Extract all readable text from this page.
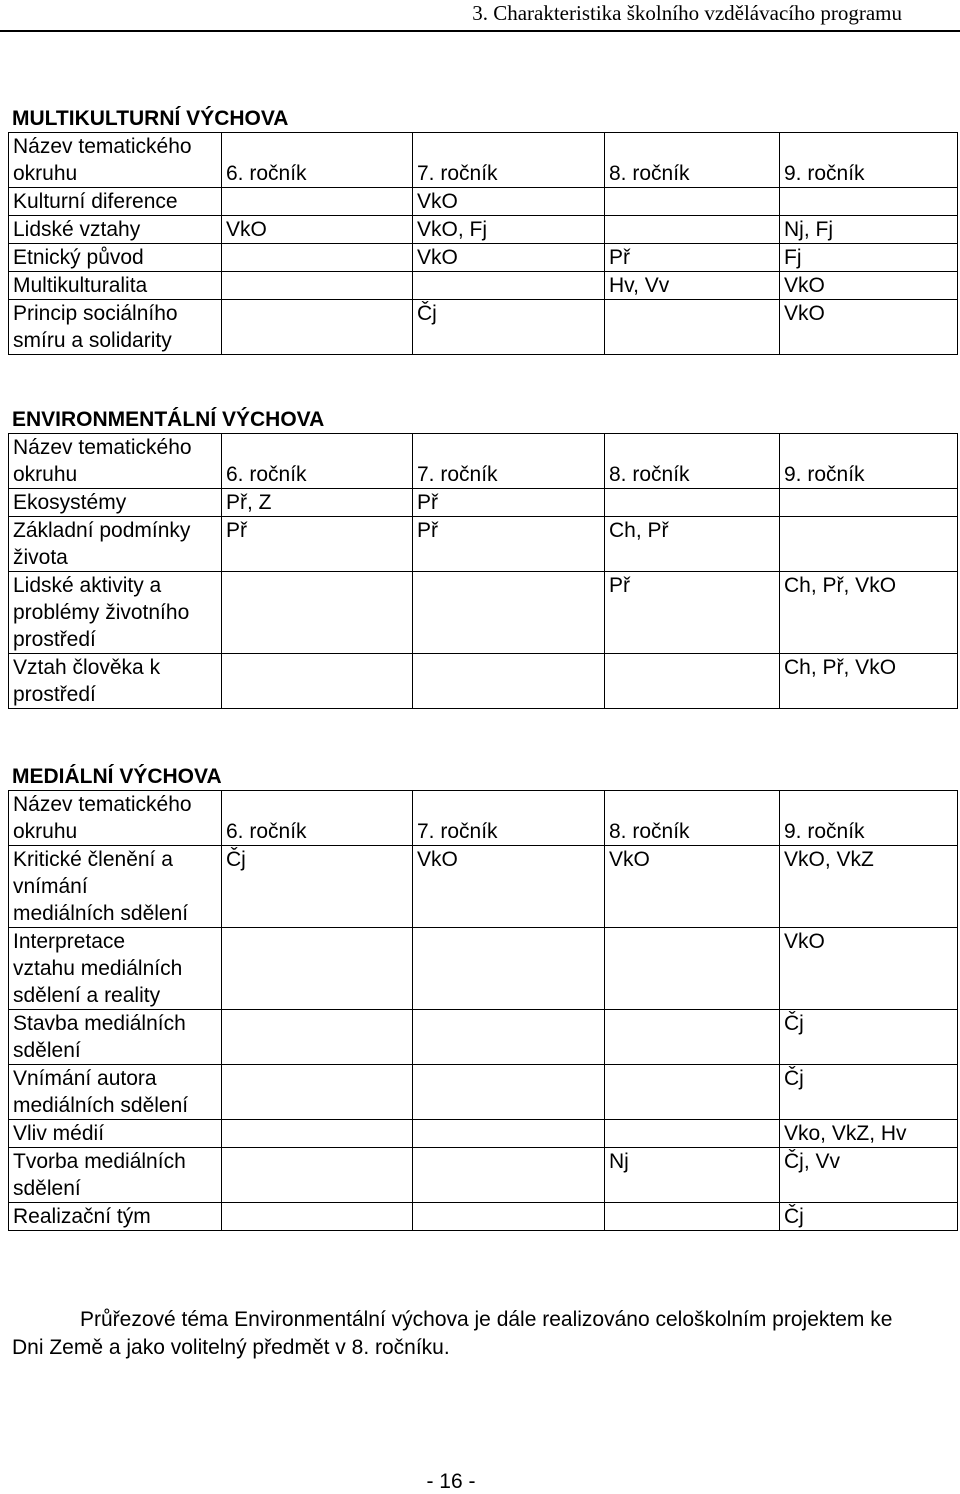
3. Charakteristika školního vzdělávacího programu
MULTIKULTURNÍ VÝCHOVA
Název tematického
okruhu	6. ročník	7. ročník	8. ročník	9. ročník
Kulturní diference		VkO		
Lidské vztahy	VkO	VkO, Fj		Nj, Fj
Etnický původ		VkO	Př	Fj
Multikulturalita			Hv, Vv	VkO
Princip sociálního
smíru a solidarity		Čj		VkO
ENVIRONMENTÁLNÍ VÝCHOVA
Název tematického
okruhu	6. ročník	7. ročník	8. ročník	9. ročník
Ekosystémy	Př, Z	Př		
Základní podmínky
života	Př	Př	Ch, Př	
Lidské aktivity a
problémy životního
prostředí			Př	Ch, Př, VkO
Vztah člověka k
prostředí				Ch, Př, VkO
MEDIÁLNÍ VÝCHOVA
Název tematického
okruhu	6. ročník	7. ročník	8. ročník	9. ročník
Kritické členění a
vnímání
mediálních sdělení	Čj	VkO	VkO	VkO, VkZ
Interpretace
vztahu mediálních
sdělení a reality				VkO
Stavba mediálních
sdělení				Čj
Vnímání autora
mediálních sdělení				Čj
Vliv médií				Vko, VkZ, Hv
Tvorba mediálních
sdělení			Nj	Čj, Vv
Realizační tým				Čj

Průřezové téma Environmentální výchova je dále realizováno celoškolním projektem ke Dni Země a jako volitelný předmět v 8. ročníku.

- 16 -
